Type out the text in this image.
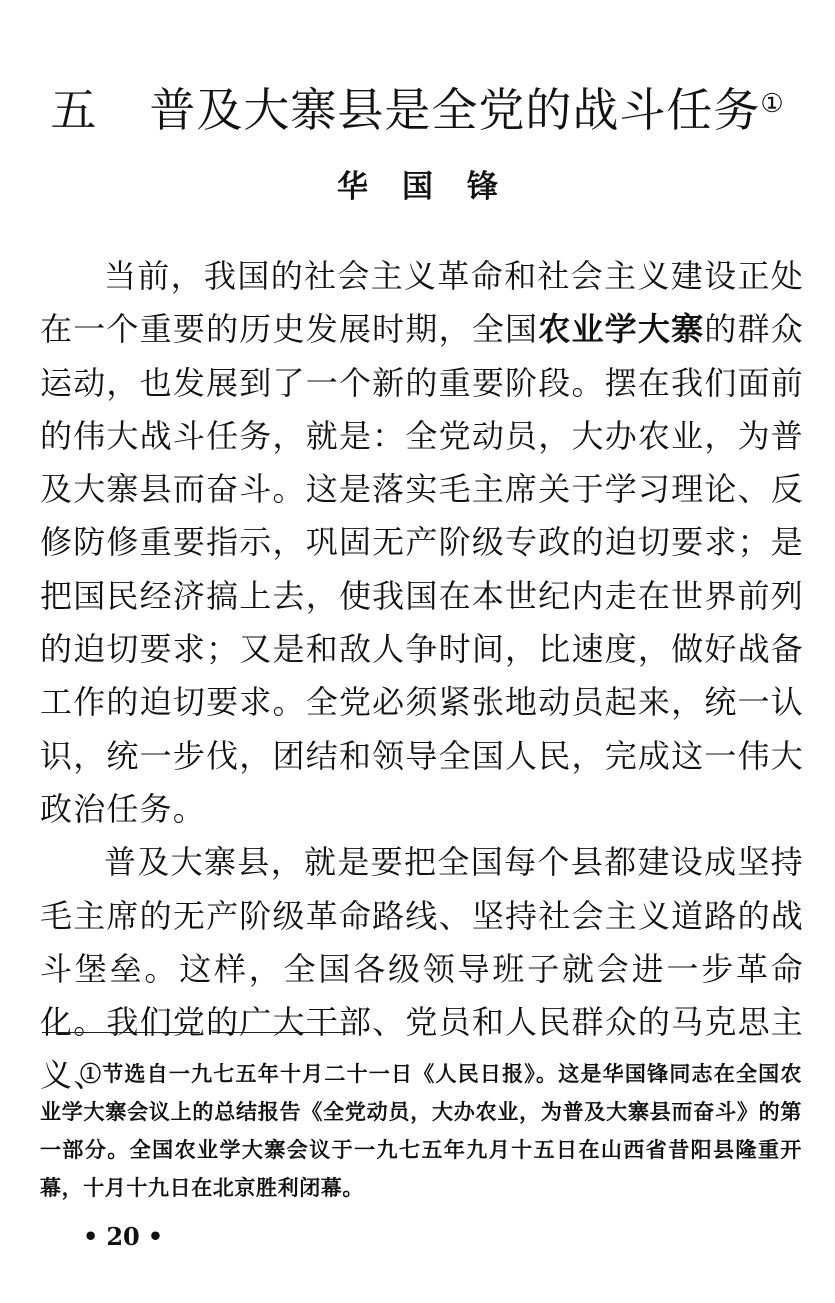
五 普及大寨县是全党的战斗任务①
华国锋

当前，我国的社会主义革命和社会主义建设正处在一个重要的历史发展时期，全国农业学大寨的群众运动，也发展到了一个新的重要阶段。摆在我们面前的伟大战斗任务，就是：全党动员，大办农业，为普及大寨县而奋斗。这是落实毛主席关于学习理论、反修防修重要指示，巩固无产阶级专政的迫切要求；是把国民经济搞上去，使我国在本世纪内走在世界前列的迫切要求；又是和敌人争时间，比速度，做好战备工作的迫切要求。全党必须紧张地动员起来，统一认识，统一步伐，团结和领导全国人民，完成这一伟大政治任务。

普及大寨县，就是要把全国每个县都建设成坚持毛主席的无产阶级革命路线、坚持社会主义道路的战斗堡垒。这样，全国各级领导班子就会进一步革命化。我们党的广大干部、党员和人民群众的马克思主义、

①节选自一九七五年十月二十一日《人民日报》。这是华国锋同志在全国农业学大寨会议上的总结报告《全党动员，大办农业，为普及大寨县而奋斗》的第一部分。全国农业学大寨会议于一九七五年九月十五日在山西省昔阳县隆重开幕，十月十九日在北京胜利闭幕。

• 20 •
